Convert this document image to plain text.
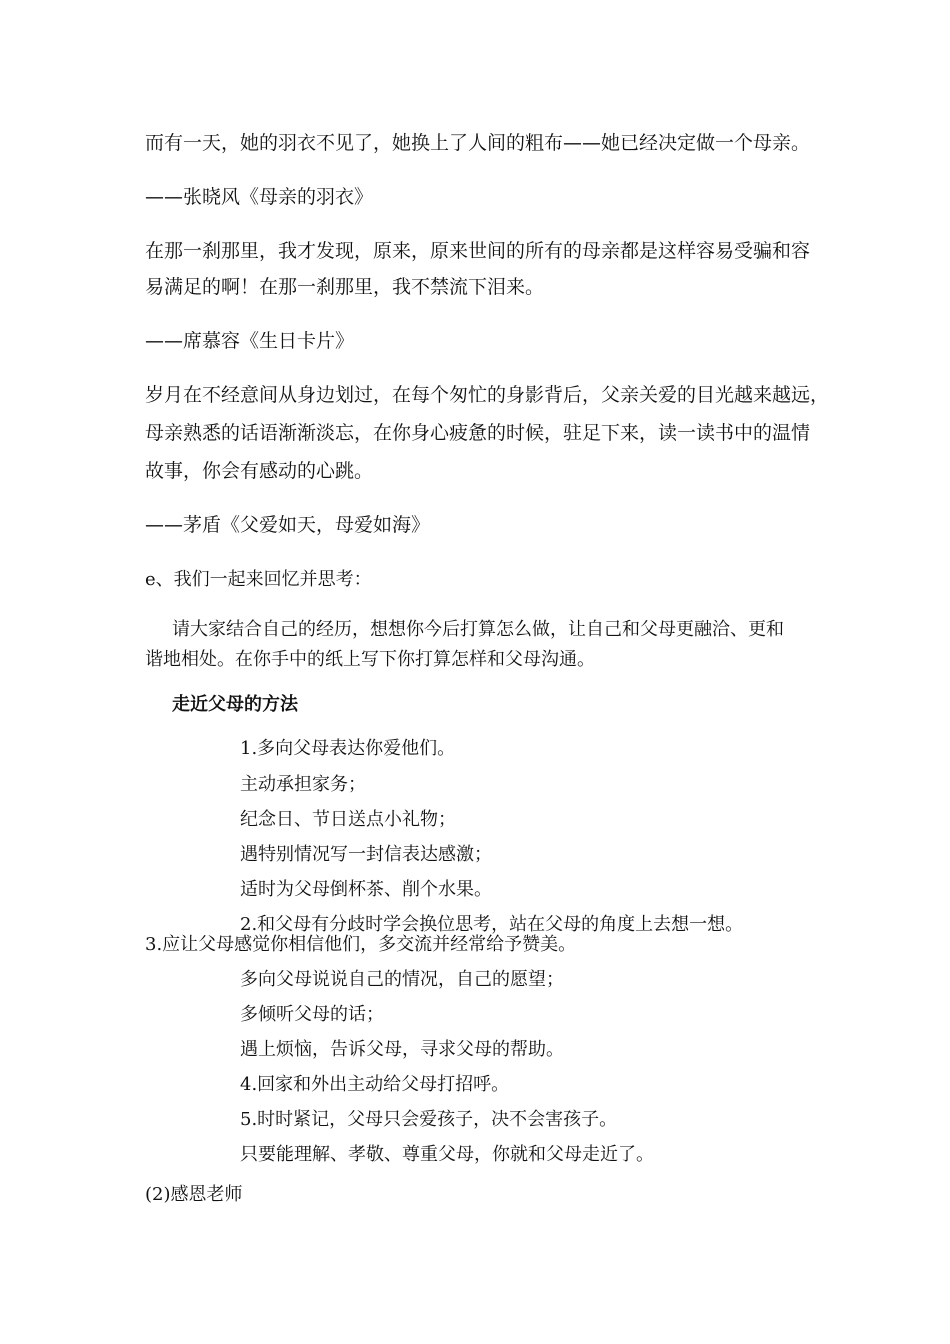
而有一天，她的羽衣不见了，她换上了人间的粗布——她已经决定做一个母亲。

——张晓风《母亲的羽衣》

在那一刹那里，我才发现，原来，原来世间的所有的母亲都是这样容易受骗和容

易满足的啊！在那一刹那里，我不禁流下泪来。

——席慕容《生日卡片》

岁月在不经意间从身边划过，在每个匆忙的身影背后，父亲关爱的目光越来越远，

母亲熟悉的话语渐渐淡忘，在你身心疲惫的时候，驻足下来，读一读书中的温情

故事，你会有感动的心跳。

——茅盾《父爱如天，母爱如海》

e、我们一起来回忆并思考：

请大家结合自己的经历，想想你今后打算怎么做，让自己和父母更融洽、更和

谐地相处。在你手中的纸上写下你打算怎样和父母沟通。

走近父母的方法

1.多向父母表达你爱他们。

主动承担家务；

纪念日、节日送点小礼物；

遇特别情况写一封信表达感激；

适时为父母倒杯茶、削个水果。

2.和父母有分歧时学会换位思考，站在父母的角度上去想一想。

3.应让父母感觉你相信他们，多交流并经常给予赞美。

多向父母说说自己的情况，自己的愿望；

多倾听父母的话；

遇上烦恼，告诉父母，寻求父母的帮助。

4.回家和外出主动给父母打招呼。

5.时时紧记，父母只会爱孩子，决不会害孩子。

只要能理解、孝敬、尊重父母，你就和父母走近了。

(2)感恩老师
